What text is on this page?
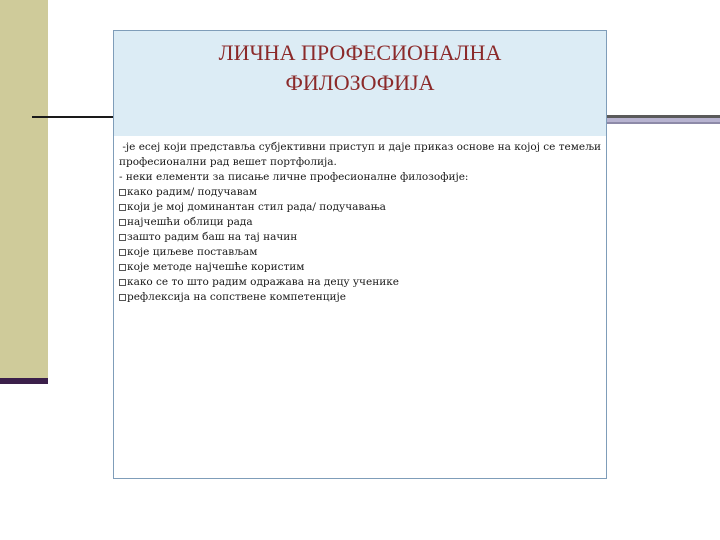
ЛИЧНА ПРОФЕСИОНАЛНА
ФИЛОЗОФИЈА
-је есеј који представља субјективни приступ и даје приказ основе на којој се темељи
професионални рад вешет портфолија.
- неки елементи за писање личне професионалне филозофије:
како радим/ подучавам
који је мој доминантан стил рада/ подучавања
најчешћи облици рада
зашто радим баш на тај начин
које циљеве постављам
које методе најчешће користим
како се то што радим одражава на децу ученике
рефлексија на сопствене компетенције
